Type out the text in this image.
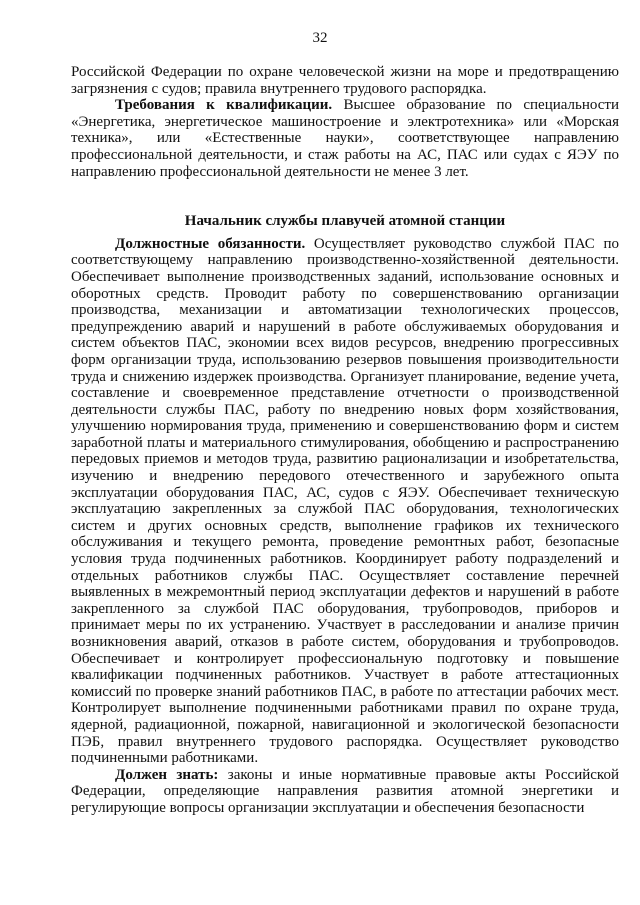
32

Российской Федерации по охране человеческой жизни на море и предотвращению загрязнения с судов; правила внутреннего трудового распорядка.

Требования к квалификации. Высшее образование по специальности «Энергетика, энергетическое машиностроение и электротехника» или «Морская техника», или «Естественные науки», соответствующее направлению профессиональной деятельности, и стаж работы на АС, ПАС или судах с ЯЭУ по направлению профессиональной деятельности не менее 3 лет.

Начальник службы плавучей атомной станции

Должностные обязанности. Осуществляет руководство службой ПАС по соответствующему направлению производственно-хозяйственной деятельности. Обеспечивает выполнение производственных заданий, использование основных и оборотных средств. Проводит работу по совершенствованию организации производства, механизации и автоматизации технологических процессов, предупреждению аварий и нарушений в работе обслуживаемых оборудования и систем объектов ПАС, экономии всех видов ресурсов, внедрению прогрессивных форм организации труда, использованию резервов повышения производительности труда и снижению издержек производства. Организует планирование, ведение учета, составление и своевременное представление отчетности о производственной деятельности службы ПАС, работу по внедрению новых форм хозяйствования, улучшению нормирования труда, применению и совершенствованию форм и систем заработной платы и материального стимулирования, обобщению и распространению передовых приемов и методов труда, развитию рационализации и изобретательства, изучению и внедрению передового отечественного и зарубежного опыта эксплуатации оборудования ПАС, АС, судов с ЯЭУ. Обеспечивает техническую эксплуатацию закрепленных за службой ПАС оборудования, технологических систем и других основных средств, выполнение графиков их технического обслуживания и текущего ремонта, проведение ремонтных работ, безопасные условия труда подчиненных работников. Координирует работу подразделений и отдельных работников службы ПАС. Осуществляет составление перечней выявленных в межремонтный период эксплуатации дефектов и нарушений в работе закрепленного за службой ПАС оборудования, трубопроводов, приборов и принимает меры по их устранению. Участвует в расследовании и анализе причин возникновения аварий, отказов в работе систем, оборудования и трубопроводов. Обеспечивает и контролирует профессиональную подготовку и повышение квалификации подчиненных работников. Участвует в работе аттестационных комиссий по проверке знаний работников ПАС, в работе по аттестации рабочих мест. Контролирует выполнение подчиненными работниками правил по охране труда, ядерной, радиационной, пожарной, навигационной и экологической безопасности ПЭБ, правил внутреннего трудового распорядка. Осуществляет руководство подчиненными работниками.

Должен знать: законы и иные нормативные правовые акты Российской Федерации, определяющие направления развития атомной энергетики и регулирующие вопросы организации эксплуатации и обеспечения безопасности
